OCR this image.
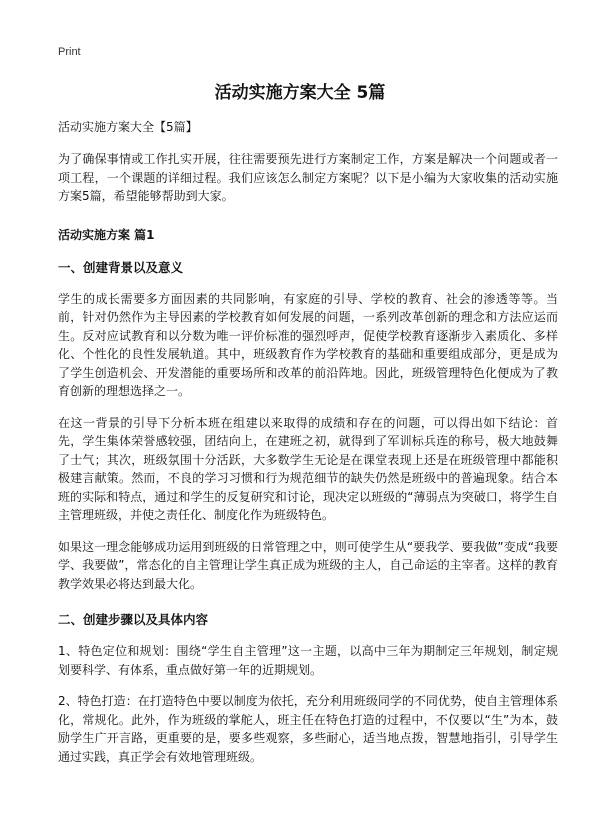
Print
活动实施方案大全 5篇

活动实施方案大全【5篇】

为了确保事情或工作扎实开展，往往需要预先进行方案制定工作，方案是解决一个问题或者一项工程，一个课题的详细过程。我们应该怎么制定方案呢？以下是小编为大家收集的活动实施方案5篇，希望能够帮助到大家。

活动实施方案 篇1
一、创建背景以及意义

学生的成长需要多方面因素的共同影响，有家庭的引导、学校的教育、社会的渗透等等。当前，针对仍然作为主导因素的学校教育如何发展的问题，一系列改革创新的理念和方法应运而生。反对应试教育和以分数为唯一评价标准的强烈呼声，促使学校教育逐渐步入素质化、多样化、个性化的良性发展轨道。其中，班级教育作为学校教育的基础和重要组成部分，更是成为了学生创造机会、开发潜能的重要场所和改革的前沿阵地。因此，班级管理特色化便成为了教育创新的理想选择之一。

在这一背景的引导下分析本班在组建以来取得的成绩和存在的问题，可以得出如下结论：首先，学生集体荣誉感较强，团结向上，在建班之初，就得到了军训标兵连的称号，极大地鼓舞了士气；其次，班级氛围十分活跃，大多数学生无论是在课堂表现上还是在班级管理中都能积极建言献策。然而，不良的学习习惯和行为规范细节的缺失仍然是班级中的普遍现象。结合本班的实际和特点，通过和学生的反复研究和讨论，现决定以班级的“薄弱点为突破口，将学生自主管理班级，并使之责任化、制度化作为班级特色。

如果这一理念能够成功运用到班级的日常管理之中，则可使学生从“要我学、要我做”变成“我要学、我要做”，常态化的自主管理让学生真正成为班级的主人，自己命运的主宰者。这样的教育教学效果必将达到最大化。

二、创建步骤以及具体内容

1、特色定位和规划：围绕“学生自主管理”这一主题，以高中三年为期制定三年规划，制定规划要科学、有体系，重点做好第一年的近期规划。

2、特色打造：在打造特色中要以制度为依托，充分利用班级同学的不同优势，使自主管理体系化，常规化。此外，作为班级的掌舵人，班主任在特色打造的过程中，不仅要以“生”为本，鼓励学生广开言路，更重要的是，要多些观察，多些耐心，适当地点拨，智慧地指引，引导学生通过实践，真正学会有效地管理班级。
